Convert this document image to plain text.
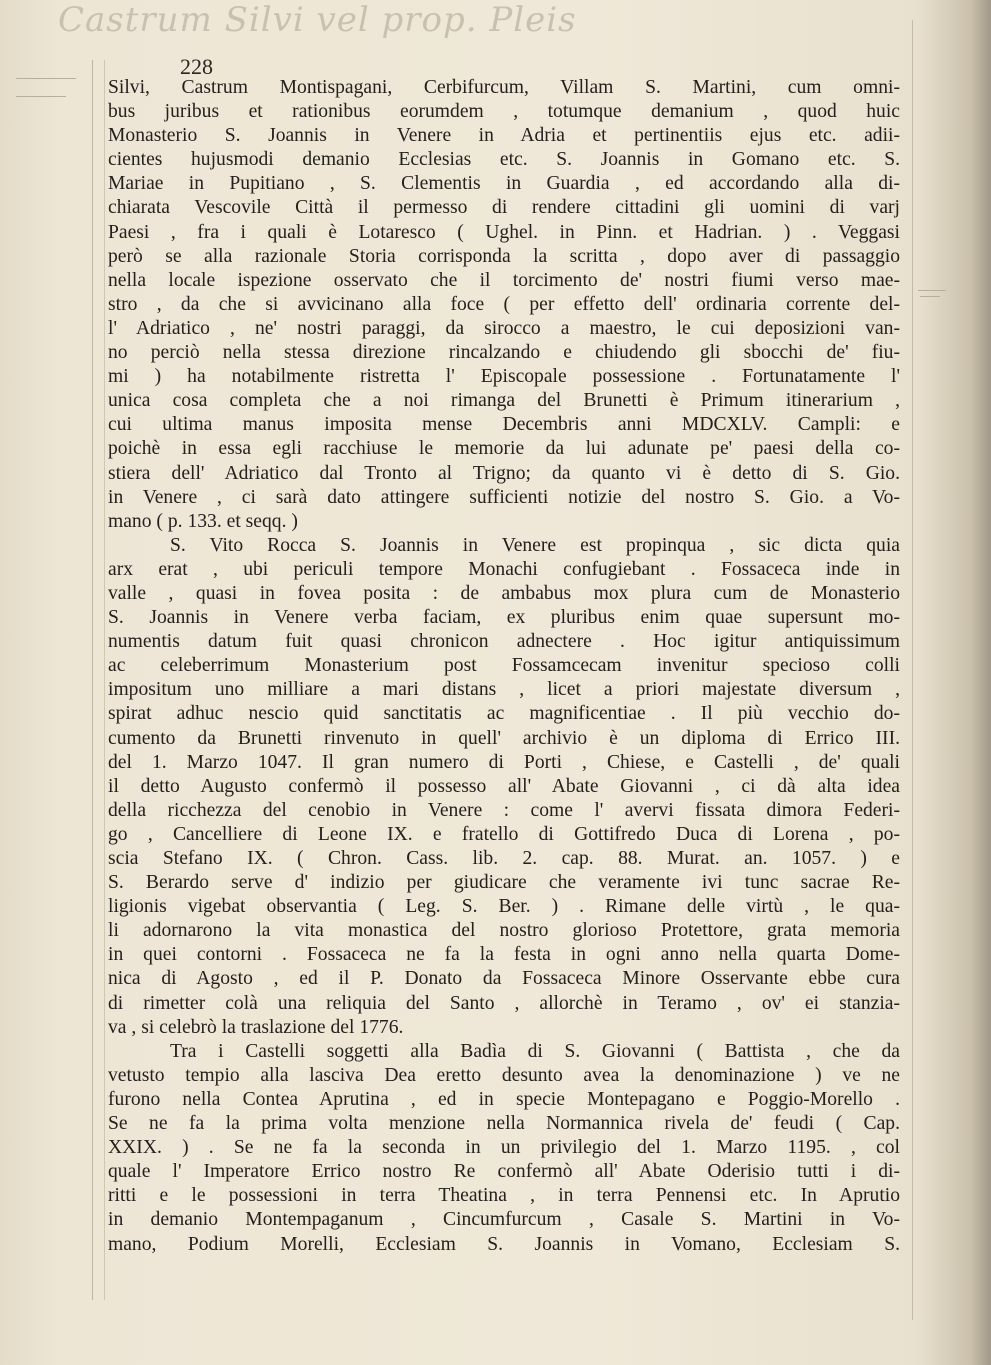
Castrum Silvi vel prop. Pleis
228
Silvi, Castrum Montispagani, Cerbifurcum, Villam S. Martini, cum omni-
bus juribus et rationibus eorumdem , totumque demanium , quod huic
Monasterio S. Joannis in Venere in Adria et pertinentiis ejus etc. adii-
cientes hujusmodi demanio Ecclesias etc. S. Joannis in Gomano etc. S.
Mariae in Pupitiano , S. Clementis in Guardia , ed accordando alla di-
chiarata Vescovile Città il permesso di rendere cittadini gli uomini di varj
Paesi , fra i quali è Lotaresco ( Ughel. in Pinn. et Hadrian. ) . Veggasi
però se alla razionale Storia corrisponda la scritta , dopo aver di passaggio
nella locale ispezione osservato che il torcimento de' nostri fiumi verso mae-
stro , da che si avvicinano alla foce ( per effetto dell' ordinaria corrente del-
l' Adriatico , ne' nostri paraggi, da sirocco a maestro, le cui deposizioni van-
no perciò nella stessa direzione rincalzando e chiudendo gli sbocchi de' fiu-
mi ) ha notabilmente ristretta l' Episcopale possessione . Fortunatamente l'
unica cosa completa che a noi rimanga del Brunetti è Primum itinerarium ,
cui ultima manus imposita mense Decembris anni MDCXLV. Campli: e
poichè in essa egli racchiuse le memorie da lui adunate pe' paesi della co-
stiera dell' Adriatico dal Tronto al Trigno; da quanto vi è detto di S. Gio.
in Venere , ci sarà dato attingere sufficienti notizie del nostro S. Gio. a Vo-
mano ( p. 133. et seqq. )
S. Vito Rocca S. Joannis in Venere est propinqua , sic dicta quia
arx erat , ubi periculi tempore Monachi confugiebant . Fossaceca inde in
valle , quasi in fovea posita : de ambabus mox plura cum de Monasterio
S. Joannis in Venere verba faciam, ex pluribus enim quae supersunt mo-
numentis datum fuit quasi chronicon adnectere . Hoc igitur antiquissimum
ac celeberrimum Monasterium post Fossamcecam invenitur specioso colli
impositum uno milliare a mari distans , licet a priori majestate diversum ,
spirat adhuc nescio quid sanctitatis ac magnificentiae . Il più vecchio do-
cumento da Brunetti rinvenuto in quell' archivio è un diploma di Errico III.
del 1. Marzo 1047. Il gran numero di Porti , Chiese, e Castelli , de' quali
il detto Augusto confermò il possesso all' Abate Giovanni , ci dà alta idea
della ricchezza del cenobio in Venere : come l' avervi fissata dimora Federi-
go , Cancelliere di Leone IX. e fratello di Gottifredo Duca di Lorena , po-
scia Stefano IX. ( Chron. Cass. lib. 2. cap. 88. Murat. an. 1057. ) e
S. Berardo serve d' indizio per giudicare che veramente ivi tunc sacrae Re-
ligionis vigebat observantia ( Leg. S. Ber. ) . Rimane delle virtù , le qua-
li adornarono la vita monastica del nostro glorioso Protettore, grata memoria
in quei contorni . Fossaceca ne fa la festa in ogni anno nella quarta Dome-
nica di Agosto , ed il P. Donato da Fossaceca Minore Osservante ebbe cura
di rimetter colà una reliquia del Santo , allorchè in Teramo , ov' ei stanzia-
va , si celebrò la traslazione del 1776.
Tra i Castelli soggetti alla Badìa di S. Giovanni ( Battista , che da
vetusto tempio alla lasciva Dea eretto desunto avea la denominazione ) ve ne
furono nella Contea Aprutina , ed in specie Montepagano e Poggio-Morello .
Se ne fa la prima volta menzione nella Normannica rivela de' feudi ( Cap.
XXIX. ) . Se ne fa la seconda in un privilegio del 1. Marzo 1195. , col
quale l' Imperatore Errico nostro Re confermò all' Abate Oderisio tutti i di-
ritti e le possessioni in terra Theatina , in terra Pennensi etc. In Aprutio
in demanio Montempaganum , Cincumfurcum , Casale S. Martini in Vo-
mano, Podium Morelli, Ecclesiam S. Joannis in Vomano, Ecclesiam S.
